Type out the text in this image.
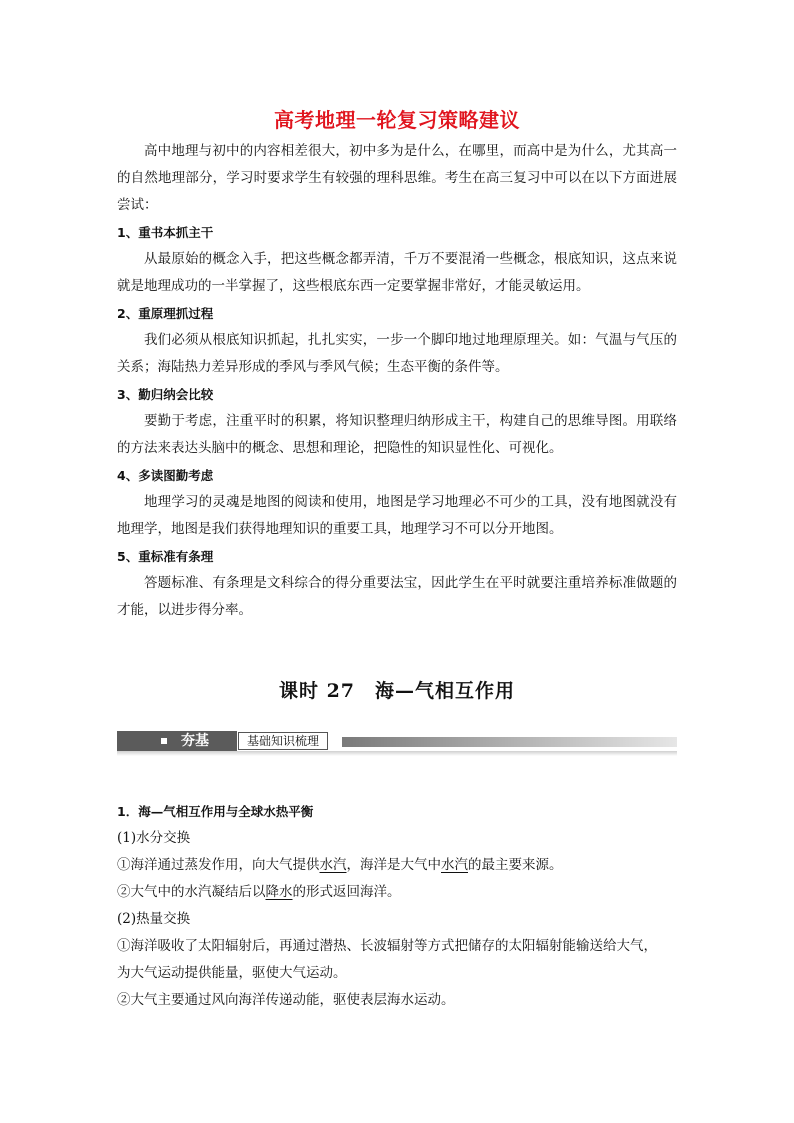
高考地理一轮复习策略建议

高中地理与初中的内容相差很大，初中多为是什么，在哪里，而高中是为什么，尤其高一的自然地理部分，学习时要求学生有较强的理科思维。考生在高三复习中可以在以下方面进展尝试：

1、重书本抓主干

从最原始的概念入手，把这些概念都弄清，千万不要混淆一些概念，根底知识，这点来说就是地理成功的一半掌握了，这些根底东西一定要掌握非常好，才能灵敏运用。

2、重原理抓过程

我们必须从根底知识抓起，扎扎实实，一步一个脚印地过地理原理关。如：气温与气压的关系；海陆热力差异形成的季风与季风气候；生态平衡的条件等。

3、勤归纳会比较

要勤于考虑，注重平时的积累，将知识整理归纳形成主干，构建自己的思维导图。用联络的方法来表达头脑中的概念、思想和理论，把隐性的知识显性化、可视化。

4、多读图勤考虑

地理学习的灵魂是地图的阅读和使用，地图是学习地理必不可少的工具，没有地图就没有地理学，地图是我们获得地理知识的重要工具，地理学习不可以分开地图。

5、重标准有条理

答题标准、有条理是文科综合的得分重要法宝，因此学生在平时就要注重培养标准做题的才能，以进步得分率。

课时 27 海—气相互作用
夯基	基础知识梳理

1．海—气相互作用与全球水热平衡

(1)水分交换

①海洋通过蒸发作用，向大气提供水汽，海洋是大气中水汽的最主要来源。

②大气中的水汽凝结后以降水的形式返回海洋。

(2)热量交换

①海洋吸收了太阳辐射后，再通过潜热、长波辐射等方式把储存的太阳辐射能输送给大气，

为大气运动提供能量，驱使大气运动。

②大气主要通过风向海洋传递动能，驱使表层海水运动。
